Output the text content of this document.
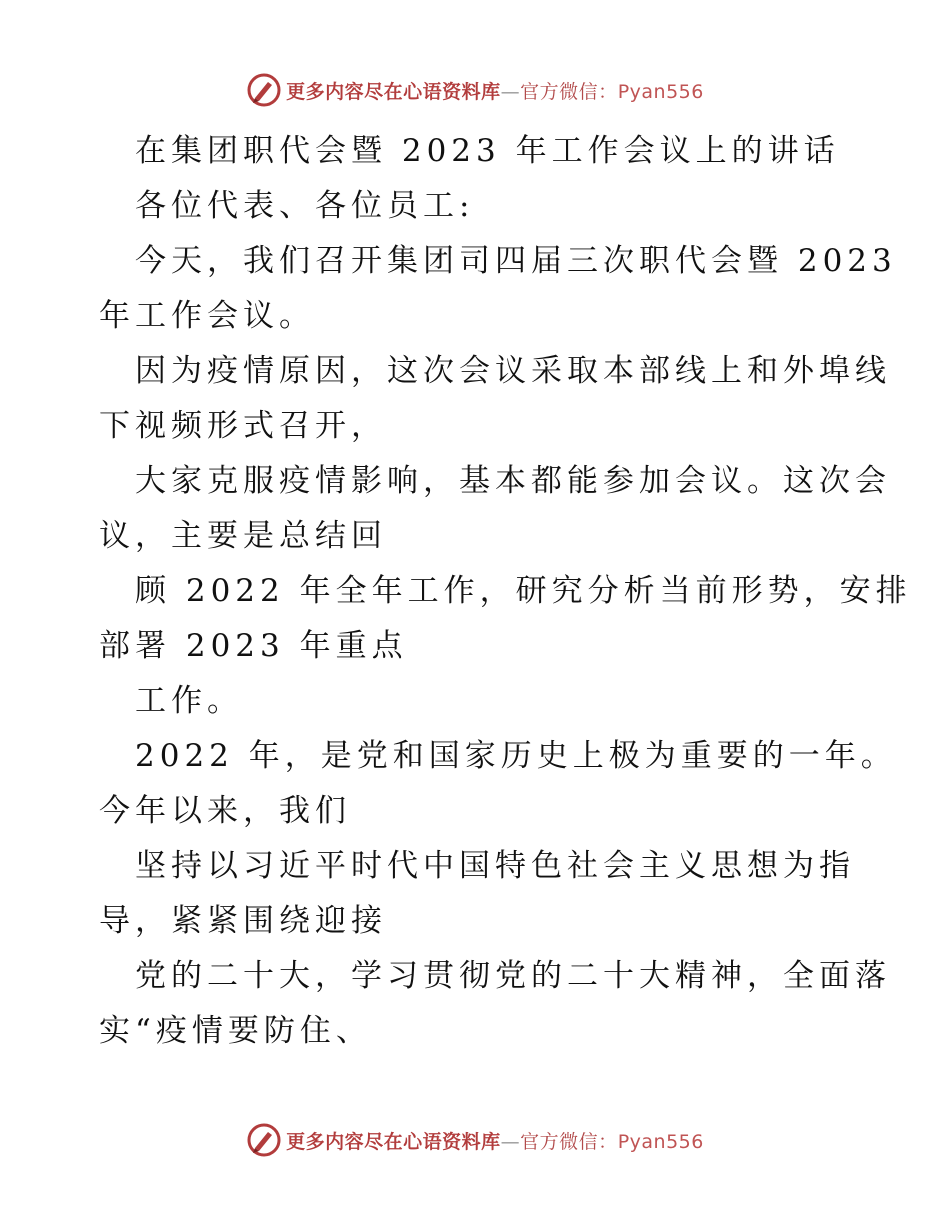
更多内容尽在心语资料库—官方微信：Pyan556
在集团职代会暨 2023 年工作会议上的讲话
各位代表、各位员工:
今天，我们召开集团司四届三次职代会暨 2023
年工作会议。
因为疫情原因，这次会议采取本部线上和外埠线
下视频形式召开，
大家克服疫情影响，基本都能参加会议。这次会
议，主要是总结回
顾 2022 年全年工作，研究分析当前形势，安排
部署 2023 年重点
工作。
2022 年，是党和国家历史上极为重要的一年。
今年以来，我们
坚持以习近平时代中国特色社会主义思想为指
导，紧紧围绕迎接
党的二十大，学习贯彻党的二十大精神，全面落
实“疫情要防住、
更多内容尽在心语资料库—官方微信：Pyan556
